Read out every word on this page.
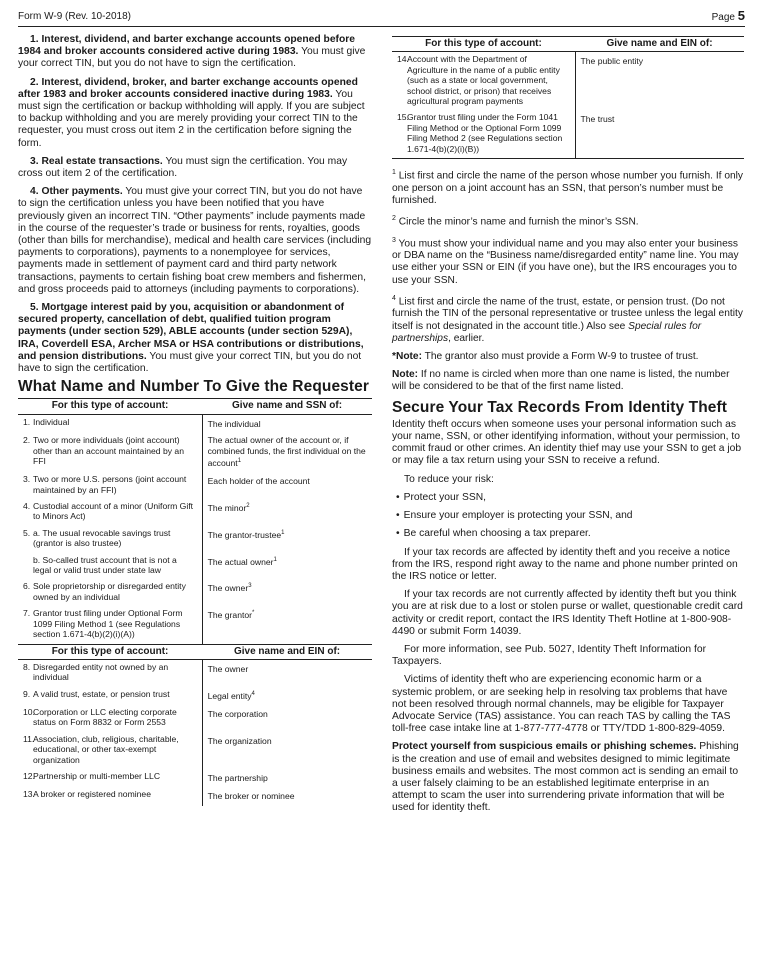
Form W-9 (Rev. 10-2018)	Page 5

1. Interest, dividend, and barter exchange accounts opened before 1984 and broker accounts considered active during 1983. You must give your correct TIN, but you do not have to sign the certification.

2. Interest, dividend, broker, and barter exchange accounts opened after 1983 and broker accounts considered inactive during 1983. You must sign the certification or backup withholding will apply. If you are subject to backup withholding and you are merely providing your correct TIN to the requester, you must cross out item 2 in the certification before signing the form.

3. Real estate transactions. You must sign the certification. You may cross out item 2 of the certification.

4. Other payments. You must give your correct TIN, but you do not have to sign the certification unless you have been notified that you have previously given an incorrect TIN. “Other payments” include payments made in the course of the requester’s trade or business for rents, royalties, goods (other than bills for merchandise), medical and health care services (including payments to corporations), payments to a nonemployee for services, payments made in settlement of payment card and third party network transactions, payments to certain fishing boat crew members and fishermen, and gross proceeds paid to attorneys (including payments to corporations).

5. Mortgage interest paid by you, acquisition or abandonment of secured property, cancellation of debt, qualified tuition program payments (under section 529), ABLE accounts (under section 529A), IRA, Coverdell ESA, Archer MSA or HSA contributions or distributions, and pension distributions. You must give your correct TIN, but you do not have to sign the certification.

What Name and Number To Give the Requester
For this type of account:	Give name and SSN of:
1. Individual	The individual
2. Two or more individuals (joint account) other than an account maintained by an FFI	The actual owner of the account or, if combined funds, the first individual on the account$^1$
3. Two or more U.S. persons (joint account maintained by an FFI)	Each holder of the account
4. Custodial account of a minor (Uniform Gift to Minors Act)	The minor$^2$
5. a. The usual revocable savings trust (grantor is also trustee)	The grantor-trustee$^1$
b. So-called trust account that is not a legal or valid trust under state law	The actual owner$^1$
6. Sole proprietorship or disregarded entity owned by an individual	The owner$^3$
7. Grantor trust filing under Optional Form 1099 Filing Method 1 (see Regulations section 1.671-4(b)(2)(i)(A))	The grantor*
For this type of account:	Give name and EIN of:
8. Disregarded entity not owned by an individual	The owner
9. A valid trust, estate, or pension trust	Legal entity$^4$
10.Corporation or LLC electing corporate status on Form 8832 or Form 2553	The corporation
11.Association, club, religious, charitable, educational, or other tax-exempt organization	The organization
12.Partnership or multi-member LLC	The partnership
13.A broker or registered nominee	The broker or nominee
For this type of account:	Give name and EIN of:
14.Account with the Department of Agriculture in the name of a public entity (such as a state or local government, school district, or prison) that receives agricultural program payments	The public entity
15.Grantor trust filing under the Form 1041 Filing Method or the Optional Form 1099 Filing Method 2 (see Regulations section 1.671-4(b)(2)(i)(B))	The trust
$^1$ List first and circle the name of the person whose number you furnish. If only one person on a joint account has an SSN, that person’s number must be furnished.
$^2$ Circle the minor’s name and furnish the minor’s SSN.
$^3$ You must show your individual name and you may also enter your business or DBA name on the “Business name/disregarded entity” name line. You may use either your SSN or EIN (if you have one), but the IRS encourages you to use your SSN.
$^4$ List first and circle the name of the trust, estate, or pension trust. (Do not furnish the TIN of the personal representative or trustee unless the legal entity itself is not designated in the account title.) Also see Special rules for partnerships, earlier.
*Note: The grantor also must provide a Form W-9 to trustee of trust.
Note: If no name is circled when more than one name is listed, the number will be considered to be that of the first name listed.
Secure Your Tax Records From Identity Theft

Identity theft occurs when someone uses your personal information such as your name, SSN, or other identifying information, without your permission, to commit fraud or other crimes. An identity thief may use your SSN to get a job or may file a tax return using your SSN to receive a refund.

To reduce your risk:

• Protect your SSN,
• Ensure your employer is protecting your SSN, and
• Be careful when choosing a tax preparer.

If your tax records are affected by identity theft and you receive a notice from the IRS, respond right away to the name and phone number printed on the IRS notice or letter.

If your tax records are not currently affected by identity theft but you think you are at risk due to a lost or stolen purse or wallet, questionable credit card activity or credit report, contact the IRS Identity Theft Hotline at 1-800-908-4490 or submit Form 14039.

For more information, see Pub. 5027, Identity Theft Information for Taxpayers.

Victims of identity theft who are experiencing economic harm or a systemic problem, or are seeking help in resolving tax problems that have not been resolved through normal channels, may be eligible for Taxpayer Advocate Service (TAS) assistance. You can reach TAS by calling the TAS toll-free case intake line at 1-877-777-4778 or TTY/TDD 1-800-829-4059.

Protect yourself from suspicious emails or phishing schemes. Phishing is the creation and use of email and websites designed to mimic legitimate business emails and websites. The most common act is sending an email to a user falsely claiming to be an established legitimate enterprise in an attempt to scam the user into surrendering private information that will be used for identity theft.
